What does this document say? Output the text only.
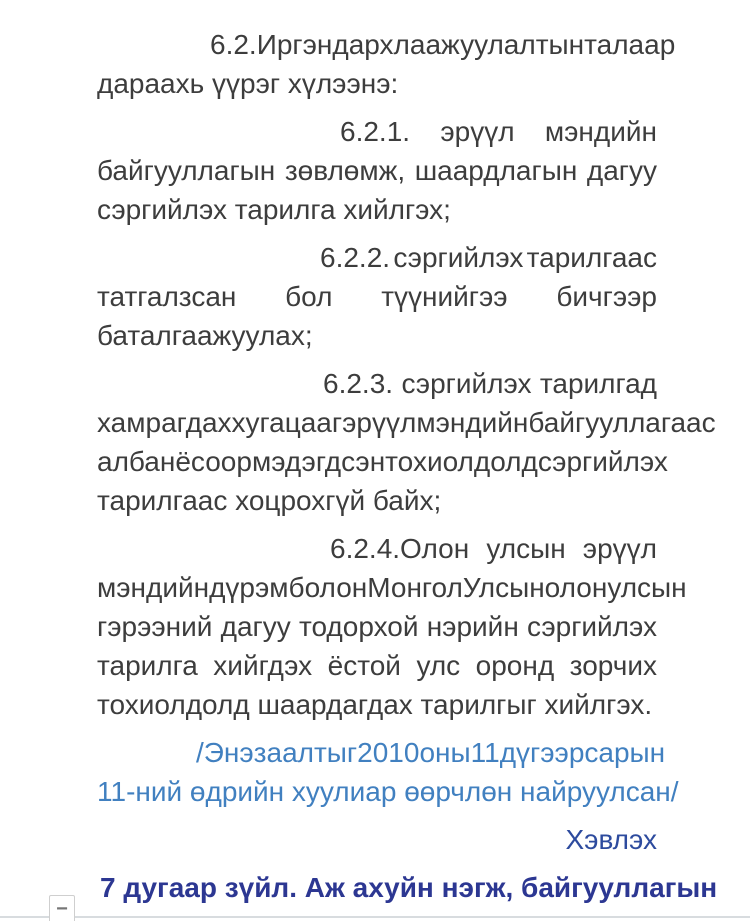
6.2. Иргэн дархлаажуулалтын талаар
дараахь үүрэг хүлээнэ:
6.2.1. эрүүл мэндийн
байгууллагын зөвлөмж, шаардлагын дагуу
сэргийлэх тарилга хийлгэх;
6.2.2. сэргийлэх тарилгаас
татгалзсан бол түүнийгээ бичгээр
баталгаажуулах;
6.2.3. сэргийлэх тарилгад
хамрагдах хугацааг эрүүл мэндийн байгууллагаас
албан ёсоор мэдэгдсэн тохиолдолд сэргийлэх
тарилгаас хоцрохгүй байх;
6.2.4.Олон улсын эрүүл
мэндийн дүрэм болон Монгол Улсын олон улсын
гэрээний дагуу тодорхой нэрийн сэргийлэх
тарилга хийгдэх ёстой улс оронд зорчих
тохиолдолд шаардагдах тарилгыг хийлгэх.
/Энэ заалтыг 2010 оны 11 дүгээр сарын
11-ний өдрийн хуулиар өөрчлөн найруулсан/
Хэвлэх
7 дугаар зүйл. Аж ахуйн нэгж, байгууллагын
−
